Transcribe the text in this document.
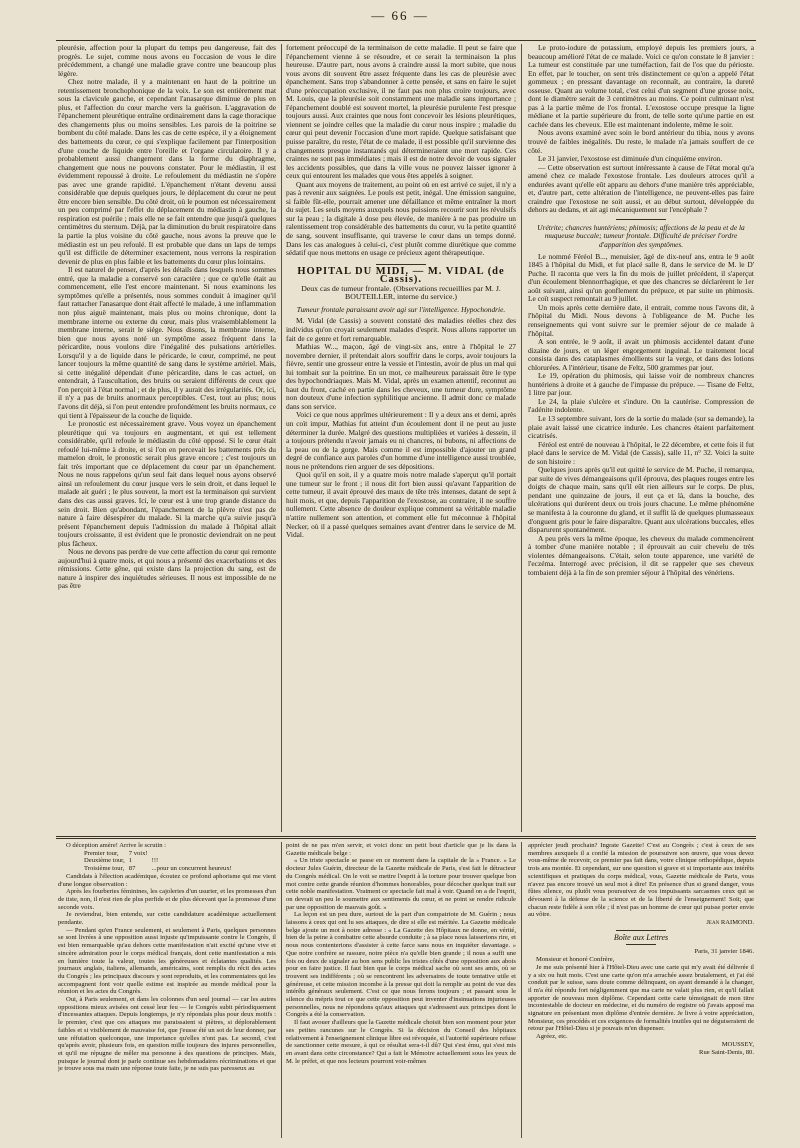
— 66 —

pleurésie, affection pour la plupart du temps peu dangereuse, fait des progrès. Le sujet, comme nous avons eu l'occasion de vous le dire précédemment, a changé une maladie grave contre une beaucoup plus légère.

Chez notre malade, il y a maintenant en haut de la poitrine un retentissement bronchophonique de la voix. Le son est entièrement mat sous la clavicule gauche, et cependant l'anasarque diminue de plus en plus, et l'affection du cœur marche vers la guérison. L'aggravation de l'épanchement pleurétique entraîne ordinairement dans la cage thoracique des changements plus ou moins sensibles. Les parois de la poitrine se bombent du côté malade. Dans les cas de cette espèce, il y a éloignement des battements du cœur, ce qui s'explique facilement par l'interposition d'une couche de liquide entre l'oreille et l'organe circulatoire. Il y a probablement aussi changement dans la forme du diaphragme, changement que nous ne pouvons constater. Pour le médiastin, il est évidemment repoussé à droite. Le refoulement du médiastin ne s'opère pas avec une grande rapidité. L'épanchement n'étant devenu aussi considérable que depuis quelques jours, le déplacement du cœur ne peut être encore bien sensible. Du côté droit, où le poumon est nécessairement un peu comprimé par l'effet du déplacement du médiastin à gauche, la respiration est puérile ; mais elle ne se fait entendre que jusqu'à quelques centimètres du sternum. Déjà, par la diminution du bruit respiratoire dans la partie la plus voisine du côté gauche, nous avons la preuve que le médiastin est un peu refoulé. Il est probable que dans un laps de temps qu'il est difficile de déterminer exactement, nous verrons la respiration devenir de plus en plus faible et les battements du cœur plus lointains.

Il est naturel de penser, d'après les détails dans lesquels nous sommes entré, que la maladie a conservé son caractère ; que ce qu'elle était au commencement, elle l'est encore maintenant. Si nous examinons les symptômes qu'elle a présentés, nous sommes conduit à imaginer qu'il faut rattacher l'anasarque dont était affecté le malade, à une inflammation non plus aiguë maintenant, mais plus ou moins chronique, dont la membrane interne ou externe du cœur, mais plus vraisemblablement la membrane interne, serait le siége. Nous disons, la membrane interne, bien que nous ayons noté un symptôme assez fréquent dans la péricardite, nous voulons dire l'inégalité des pulsations artérielles. Lorsqu'il y a de liquide dans le péricarde, le cœur, comprimé, ne peut lancer toujours la même quantité de sang dans le système artériel. Mais, si cette inégalité dépendait d'une péricardite, dans le cas actuel, on entendrait, à l'auscultation, des bruits ou seraient différents de ceux que l'on perçoit à l'état normal ; et de plus, il y aurait des irrégularités. Or, ici, il n'y a pas de bruits anormaux perceptibles. C'est, tout au plus; nous l'avons dit déjà, si l'on peut entendre profondément les bruits normaux, ce qui tient à l'épaisseur de la couche de liquide.

Le pronostic est nécessairement grave. Vous voyez un épanchement pleurétique qui va toujours en augmentant, et qui est tellement considérable, qu'il refoule le médiastin du côté opposé. Si le cœur était refoulé lui-même à droite, et si l'on en percevait les battements près du mamelon droit, le pronostic serait plus grave encore ; c'est toujours un fait très important que ce déplacement du cœur par un épanchement. Nous ne nous rappelons qu'un seul fait dans lequel nous ayons observé ainsi un refoulement du cœur jusque vers le sein droit, et dans lequel le malade ait guéri ; le plus souvent, la mort est la terminaison qui survient dans des cas aussi graves. Ici, le cœur est à une trop grande distance du sein droit. Bien qu'abondant, l'épanchement de la plèvre n'est pas de nature à faire désespérer du malade. Si la marche qu'a suivie jusqu'à présent l'épanchement depuis l'admission du malade à l'hôpital allait toujours croissante, il est évident que le pronostic deviendrait on ne peut plus fâcheux.

Nous ne devons pas perdre de vue cette affection du cœur qui remonte aujourd'hui à quatre mois, et qui nous a présenté des exacerbations et des rémissions. Cette gêne, qui existe dans la projection du sang, est de nature à inspirer des inquiétudes sérieuses. Il nous est impossible de ne pas être

fortement préoccupé de la terminaison de cette maladie. Il peut se faire que l'épanchement vienne à se résoudre, et ce serait la terminaison la plus heureuse. D'autre part, nous avons à craindre aussi la mort subite, que nous vous avons dit souvent être assez fréquente dans les cas de pleurésie avec épanchement. Sans trop s'abandonner à cette pensée, et sans en faire le sujet d'une préoccupation exclusive, il ne faut pas non plus croire toujours, avec M. Louis, que la pleurésie soit constamment une maladie sans importance ; l'épanchement doublé est souvent mortel, la pleurésie purulente l'est presque toujours aussi. Aux craintes que nous font concevoir les lésions pleurétiques, viennent se joindre celles que la maladie du cœur nous inspire ; maladie du cœur qui peut devenir l'occasion d'une mort rapide. Quelque satisfaisant que puisse paraître, du reste, l'état de ce malade, il est possible qu'il survienne des changements presque instantanés qui détermineraient une mort rapide. Ces craintes ne sont pas immédiates ; mais il est de notre devoir de vous signaler les accidents possibles, que dans la ville vous ne pouvez laisser ignorer à ceux qui entourent les malades que vous êtes appelés à soigner.

Quant aux moyens de traitement, au point où en est arrivé ce sujet, il n'y a pas à revenir aux saignées. Le pouls est petit, inégal. Une émission sanguine, si faible fût-elle, pourrait amener une défaillance et même entraîner la mort du sujet. Les seuls moyens auxquels nous puissions recourir sont les révulsifs sur la peau ; la digitale à dose peu élevée, de manière à ne pas produire un ralentissement trop considérable des battements du cœur, vu la petite quantité de sang, souvent insuffisante, qui traverse le cœur dans un temps donné. Dans les cas analogues à celui-ci, c'est plutôt comme diurétique que comme sédatif que nous mettons en usage ce précieux agent thérapeutique.

HOPITAL DU MIDI. — M. VIDAL (de Cassis).

Deux cas de tumeur frontale. (Observations recueillies par M. J. BOUTEILLER, interne du service.)

Tumeur frontale paraissant avoir agi sur l'intelligence. Hypochondrie.

M. Vidal (de Cassis) a souvent constaté des maladies réelles chez des individus qu'on croyait seulement malades d'esprit. Nous allons rapporter un fait de ce genre et fort remarquable.

Mathias W..., maçon, âgé de vingt-six ans, entre à l'hôpital le 27 novembre dernier, il prétendait alors souffrir dans le corps, avoir toujours la fièvre, sentir une grosseur entre la vessie et l'intestin, avoir de plus un mal qui lui tombait sur la poitrine. En un mot, ce malheureux paraissait être le type des hypochondriaques. Mais M. Vidal, après un examen attentif, reconnut au haut du front, caché en partie dans les cheveux, une tumeur dure, symptôme non douteux d'une infection syphilitique ancienne. Il admit donc ce malade dans son service.

Voici ce que nous apprîmes ultérieurement : Il y a deux ans et demi, après un coït impur, Mathias fut atteint d'un écoulement dont il ne peut au juste déterminer la durée. Malgré des questions multipliées et variées à dessein, il a toujours prétendu n'avoir jamais eu ni chancres, ni bubons, ni affections de la peau ou de la gorge. Mais comme il est impossible d'ajouter un grand degré de confiance aux paroles d'un homme d'une intelligence aussi troublée, nous ne prétendons rien arguer de ses dépositions.

Quoi qu'il en soit, il y a quatre mois notre malade s'aperçut qu'il portait une tumeur sur le front ; il nous dit fort bien aussi qu'avant l'apparition de cette tumeur, il avait éprouvé des maux de tête très intenses, datant de sept à huit mois, et que, depuis l'apparition de l'exostose, au contraire, il ne souffre nullement. Cette absence de douleur explique comment sa véritable maladie n'attire nullement son attention, et comment elle fut méconnue à l'hôpital Necker, où il a passé quelques semaines avant d'entrer dans le service de M. Vidal.

Le proto-iodure de potassium, employé depuis les premiers jours, a beaucoup amélioré l'état de ce malade. Voici ce qu'on constate le 8 janvier : La tumeur est constituée par une tuméfaction, fait de l'os que du périoste. En effet, par le toucher, on sent très distinctement ce qu'on a appelé l'état gommeux ; en pressant davantage on reconnaît, au contraire, la dureté osseuse. Quant au volume total, c'est celui d'un segment d'une grosse noix, dont le diamètre serait de 3 centimètres au moins. Ce point culminant n'est pas à la partie même de l'os frontal. L'exostose occupe presque la ligne médiane et la partie supérieure du front, de telle sorte qu'une partie en est cachée dans les cheveux. Elle est maintenant indolente, même le soir.

Nous avons examiné avec soin le bord antérieur du tibia, nous y avons trouvé de faibles inégalités. Du reste, le malade n'a jamais souffert de ce côté.

Le 31 janvier, l'exostose est diminuée d'un cinquième environ.

— Cette observation est surtout intéressante à cause de l'état moral qu'a amené chez ce malade l'exostose frontale. Les douleurs atroces qu'il a endurées avant qu'elle eût apparu au dehors d'une manière très appréciable, et, d'autre part, cette altération de l'intelligence, ne peuvent-elles pas faire craindre que l'exostose ne soit aussi, et au début surtout, développée du dehors au dedans, et ait agi mécaniquement sur l'encéphale ?

Urétrite; chancres huntériens; phimosis; affections de la peau et de la muqueuse buccale; tumeur frontale. Difficulté de préciser l'ordre d'apparition des symptômes.

Le nommé Féréol B..., menuisier, âgé de dix-neuf ans, entra le 9 août 1845 à l'hôpital du Midi, et fut placé salle 8, dans le service de M. le D' Puche. Il raconta que vers la fin du mois de juillet précédent, il s'aperçut d'un écoulement blennorrhagique, et que des chancres se déclarèrent le 1er août suivant, ainsi qu'un gonflement du prépuce, et par suite un phimosis. Le coït suspect remontait au 9 juillet.

Un mois après cette dernière date, il entrait, comme nous l'avons dit, à l'hôpital du Midi. Nous devons à l'obligeance de M. Puche les renseignements qui vont suivre sur le premier séjour de ce malade à l'hôpital.

A son entrée, le 9 août, il avait un phimosis accidentel datant d'une dizaine de jours, et un léger engorgement inguinal. Le traitement local consista dans des cataplasmes émollients sur la verge, et dans des lotions chlorurées. A l'intérieur, tisane de Feltz, 500 grammes par jour.

Le 19, opération du phimosis, qui laisse voir de nombreux chancres huntériens à droite et à gauche de l'impasse du prépuce. — Tisane de Feltz, 1 litre par jour.

Le 24, la plaie s'ulcère et s'indure. On la cautérise. Compression de l'adénite indolente.

Le 13 septembre suivant, lors de la sortie du malade (sur sa demande), la plaie avait laissé une cicatrice indurée. Les chancres étaient parfaitement cicatrisés.

Féréol est entré de nouveau à l'hôpital, le 22 décembre, et cette fois il fut placé dans le service de M. Vidal (de Cassis), salle 11, n° 32. Voici la suite de son histoire :

Quelques jours après qu'il eut quitté le service de M. Puche, il remarqua, par suite de vives démangeaisons qu'il éprouva, des plaques rouges entre les doigts de chaque main, sans qu'il eût rien ailleurs sur le corps. De plus, pendant une quinzaine de jours, il eut ça et là, dans la bouche, des ulcérations qui durèrent deux ou trois jours chacune. Le même phénomène se manifesta à la couronne du gland, et il suffit là de quelques plumasseaux d'onguent gris pour le faire disparaître. Quant aux ulcérations buccales, elles disparurent spontanément.

A peu près vers la même époque, les cheveux du malade commencèrent à tomber d'une manière notable ; il éprouvait au cuir chevelu de très violentes démangeaisons. C'était, selon toute apparence, une variété de l'eczéma. Interrogé avec précision, il dit se rappeler que ses cheveux tombaient déjà à la fin de son premier séjour à l'hôpital des vénériens.

O déception amère! Arrive le scrutin :

Premier tour,	7 voix!	
Deuxième tour,	1	!!!
Troisième tour,	87	...pour un concurrent heureux!

Candidats à l'élection académique, écoutez ce profond aphorisme qui me vient d'une longue observation :

Après les fourberies féminines, les cajoleries d'un usurier, et les promesses d'un de tiste, non, il n'est rien de plus perfide et de plus décevant que la promesse d'une seconde voix.

Je reviendrai, bien entendu, sur cette candidature académique actuellement pendante.

— Pendant qu'en France seulement, et seulement à Paris, quelques personnes se sont livrées à une opposition aussi injuste qu'impuissante contre le Congrès, il est bien remarquable qu'au dehors cette manifestation n'ait excité qu'une vive et sincère admiration pour le corps médical français, dont cette manifestation a mis en lumière toute la valeur, toutes les généreuses et éclatantes qualités. Les journaux anglais, italiens, allemands, américains, sont remplis du récit des actes du Congrès ; les principaux discours y sont reproduits, et les commentaires qui les accompagnent font voir quelle estime est inspirée au monde médical pour la réunion et les actes du Congrès.

Oui, à Paris seulement, et dans les colonnes d'un seul journal — car les autres oppositions mieux avisées ont cessé leur feu — le Congrès subit périodiquement d'incessantes attaques. Depuis longtemps, je n'y répondais plus pour deux motifs : le premier, c'est que ces attaques me paraissaient si piètres, si déplorablement faibles et si visiblement de mauvaise foi, que j'eusse été un sot de leur donner, par une réfutation quelconque, une importance qu'elles n'ont pas. Le second, c'est qu'après avoir, plusieurs fois, en question mille toujours des injures personnelles, et qu'il me répugne de mêler ma personne à des questions de principes. Mais, puisque le journal dont je parle continue ses hebdomadaires récriminations et que je trouve sous ma main une réponse toute faite, je ne suis pas paresseux au

point de ne pas m'en servir, et voici donc un petit bout d'article que je lis dans la Gazette médicale belge :

« Un triste spectacle se passe en ce moment dans la capitale de la » France. » Le docteur Jules Guérin, directeur de la Gazette médicale de Paris, s'est fait le détracteur du Congrès médical. On le voit se mettre l'esprit à la torture pour trouver quelque bon mot contre cette grande réunion d'hommes honorables, pour décocher quelque trait sur cette noble manifestation. Vraiment ce spectacle fait mal à voir. Quand on a de l'esprit, on devrait un peu le soumettre aux sentiments du cœur, et ne point se rendre ridicule par une opposition de mauvais goût. »

La leçon est un peu dure, surtout de la part d'un compatriote de M. Guérin ; nous laissons à ceux qui ont lu ses attaques, de dire si elle est méritée. La Gazette médicale belge ajoute un mot à notre adresse : « La Gazette des Hôpitaux ne donne, en vérité, bien de la peine à combattre cette absurde conduite ; à sa place nous laisserions rire, et nous nous contenterions d'assister à cette farce sans nous en inquiéter davantage. » Que notre confrère se rassure, notre pièce n'a qu'elle bien grande ; il nous a suffi une fois ou deux de signaler au bon sens public les tristes côtés d'une opposition aux abois pour en faire justice. Il faut bien que le corps médical sache où sont ses amis, où se trouvent ses indifférents ; où se rencontrent les adversaires de toute tentative utile et généreuse, et cette mission incombe à la presse qui doit la remplir au point de vue des intérêts généraux seulement. C'est ce que nous ferons toujours ; et passant sous le silence du mépris tout ce que cette opposition peut inventer d'insinuations injurieuses personnelles, nous ne répondons qu'aux attaques qui s'adressent aux principes dont le Congrès a été la conservation.

Il faut avouer d'ailleurs que la Gazette médicale choisit bien son moment pour jeter ses petites rancunes sur le Congrès. Si la décision du Conseil des hôpitaux relativement à l'enseignement clinique libre est révoquée, si l'autorité supérieure refuse de sanctionner cette mesure, à qui ce résultat sera-t-il dû? Qui s'est ému, qui s'est mis en avant dans cette circonstance? Qui a fait le Mémoire actuellement sous les yeux de M. le préfet, et que nos lecteurs pourront voir-mêmes

apprécier jeudi prochain? Ingrate Gazette! C'est au Congrès ; c'est à ceux de ses membres auxquels il a confié la mission de poursuivre son œuvre, que vous devez vous-même de recevoir, ce premier pas fait dans, votre clinique orthopédique, depuis trois ans montée. Et cependant, sur une question si grave et si importante aux intérêts scientifiques et pratiques du corps médical, vous, Gazette médicale de Paris, vous n'avez pas encore trouvé un seul mot à dire! En présence d'un si grand danger, vous fûtes silence, ou plutôt vous poursuivez de vos impuissants sarcasmes ceux qui se dévouent à la défense de la science et de la liberté de l'enseignement! Soit; que chacun reste fidèle à son rôle ; il n'est pas un homme de cœur qui puisse porter envie au vôtre.

Jean RAIMOND.

Boîte aux Lettres

Paris, 31 janvier 1846.

Monsieur et honoré Confrère,

Je me suis présenté hier à l'Hôtel-Dieu avec une carte qui m'y avait été délivrée il y a six ou huit mois. C'est une carte qu'on m'a arrachée assez brutalement, et j'ai été conduit par le suisse, sans doute comme délinquant, on ayant demandé à la changer, il m'a été répondu fort négligemment que ma carte ne valait plus rien, et qu'il fallait apporter de nouveau mon diplôme. Cependant cette carte témoignait de mon titre incontestable de docteur en médecine, et du numéro de registre où j'avais apposé ma signature en présentant mon diplôme d'entrée dernière. Je livre à votre appréciation, Monsieur, ces procédés et ces exigences de formalités inutiles qui ne déguiseraient de retour par l'Hôtel-Dieu si je pouvais m'en dispenser.

Agréez, etc.

MOUSSEY,

Rue Saint-Denis, 80.
